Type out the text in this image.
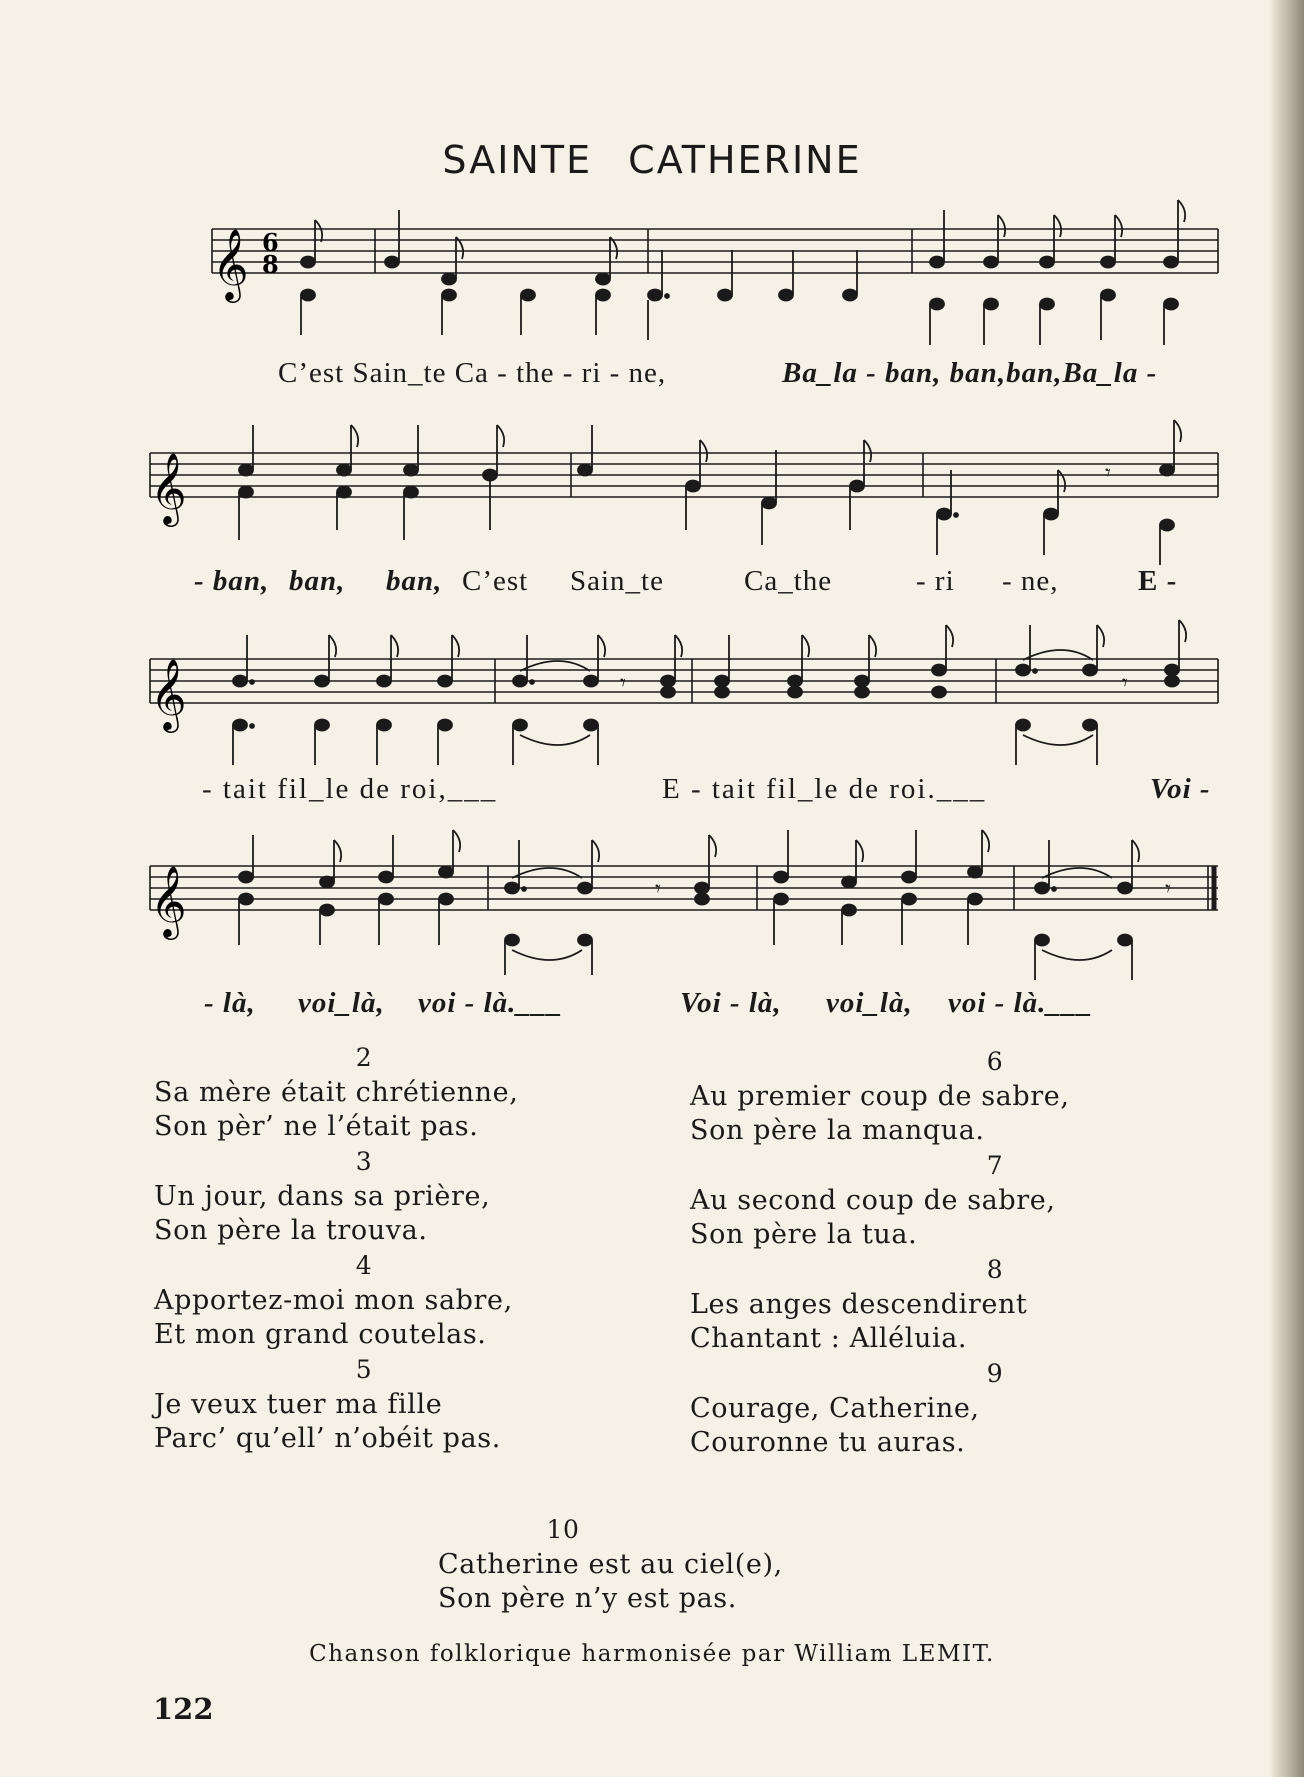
SAINTE CATHERINE
𝄞 6
8
𝄞	𝄾
𝄞	𝄾	𝄾
𝄞	𝄾	𝄾
C’est Sain_te Ca - the - ri - ne,	Ba_la - ban, ban,ban,Ba_la -
- ban, ban, ban, C’est Sain_te	Ca_the	- ri - ne,	E -
- tait fil_le de roi,___	E - tait fil_le de roi.___	Voi -
- là, voi_là, voi - là.___	Voi - là, voi_là, voi - là.___
2
Sa mère était chrétienne,
Son pèr’ ne l’était pas.
3
Un jour, dans sa prière,
Son père la trouva.
4
Apportez-moi mon sabre,
Et mon grand coutelas.
5
Je veux tuer ma fille
Parc’ qu’ell’ n’obéit pas.
6
Au premier coup de sabre,
Son père la manqua.
7
Au second coup de sabre,
Son père la tua.
8
Les anges descendirent
Chantant : Alléluia.
9
Courage, Catherine,
Couronne tu auras.
10
Catherine est au ciel(e),
Son père n’y est pas.
Chanson folklorique harmonisée par William LEMIT.
122
